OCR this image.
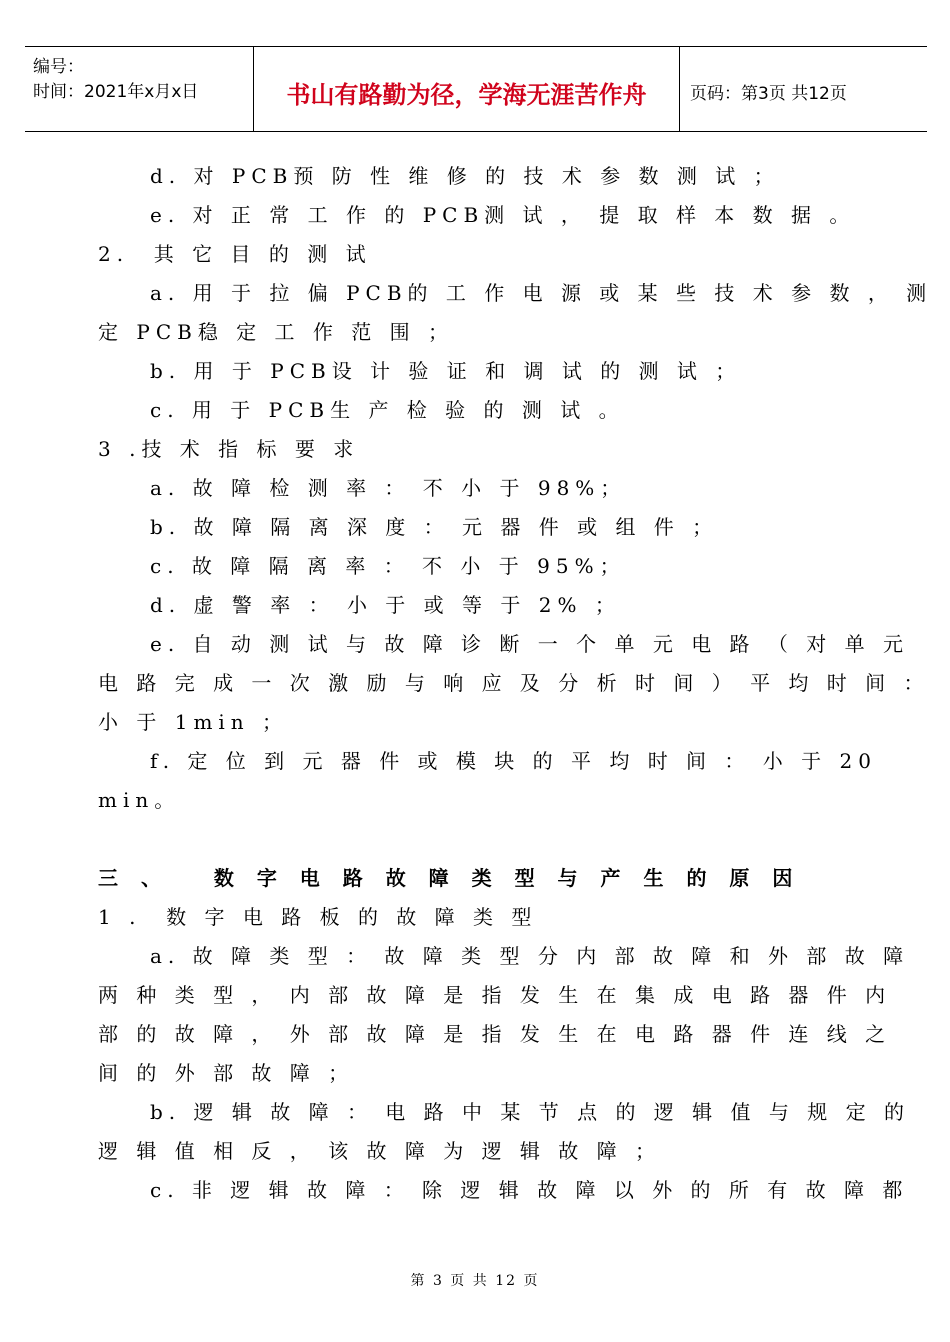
编号：
时间：2021年x月x日	书山有路勤为径，学海无涯苦作舟	页码：第3页 共12页
d. 对 PCB预 防 性 维 修 的 技 术 参 数 测 试 ；
e. 对 正 常 工 作 的 PCB测 试 ， 提 取 样 本 数 据 。
2.  其 它 目 的 测 试
a. 用 于 拉 偏 PCB的 工 作 电 源 或 某 些 技 术 参 数 ， 测
定 PCB稳 定 工 作 范 围 ；
b. 用 于 PCB设 计 验 证 和 调 试 的 测 试 ；
c. 用 于 PCB生 产 检 验 的 测 试 。
3 .技 术 指 标 要 求
a. 故 障 检 测 率 ： 不 小 于 98%；
b. 故 障 隔 离 深 度 ： 元 器 件 或 组 件 ；
c. 故 障 隔 离 率 ： 不 小 于 95%；
d. 虚 警 率 ： 小 于 或 等 于 2% ；
e. 自 动 测 试 与 故 障 诊 断 一 个 单 元 电 路 （ 对 单 元
电 路 完 成 一 次 激 励 与 响 应 及 分 析 时 间 ） 平 均 时 间 ：
小 于 1min ；
f. 定 位 到 元 器 件 或 模 块 的 平 均 时 间 ： 小 于 20
min。
三 、   数 字 电 路 故 障 类 型 与 产 生 的 原 因
1 .  数 字 电 路 板 的 故 障 类 型
a. 故 障 类 型 ： 故 障 类 型 分 内 部 故 障 和 外 部 故 障
两 种 类 型 ， 内 部 故 障 是 指 发 生 在 集 成 电 路 器 件 内
部 的 故 障 ， 外 部 故 障 是 指 发 生 在 电 路 器 件 连 线 之
间 的 外 部 故 障 ；
b. 逻 辑 故 障 ： 电 路 中 某 节 点 的 逻 辑 值 与 规 定 的
逻 辑 值 相 反 ， 该 故 障 为 逻 辑 故 障 ；
c. 非 逻 辑 故 障 ： 除 逻 辑 故 障 以 外 的 所 有 故 障 都
第 3 页 共 12 页
